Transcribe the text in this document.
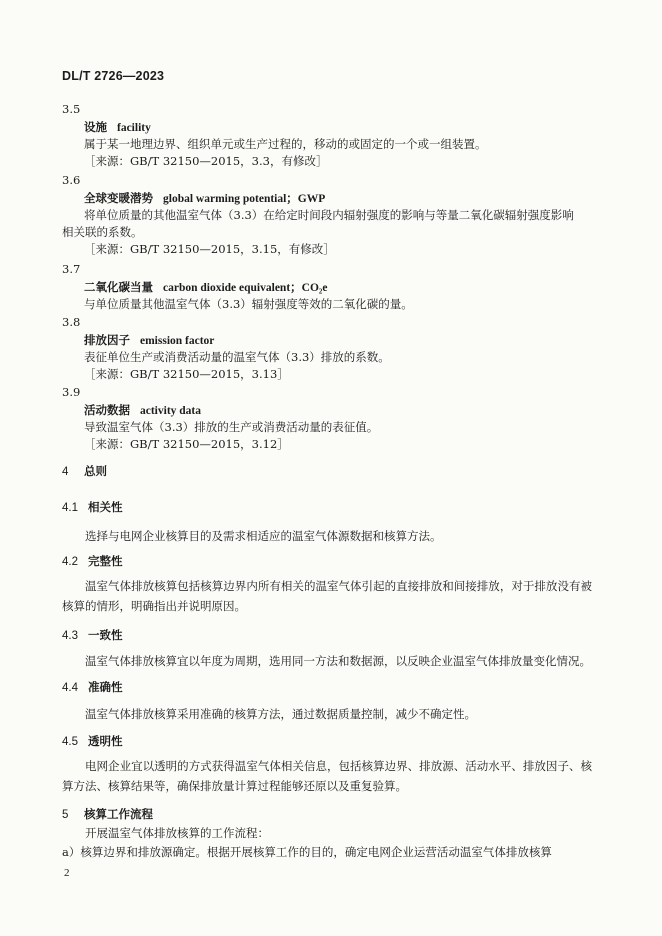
DL/T 2726—2023
3.5
设施 facility
属于某一地理边界、组织单元或生产过程的，移动的或固定的一个或一组装置。
［来源：GB/T 32150—2015，3.3，有修改］
3.6
全球变暖潜势 global warming potential；GWP
将单位质量的其他温室气体（3.3）在给定时间段内辐射强度的影响与等量二氧化碳辐射强度影响
相关联的系数。
［来源：GB/T 32150—2015，3.15，有修改］
3.7
二氧化碳当量 carbon dioxide equivalent；CO₂e
与单位质量其他温室气体（3.3）辐射强度等效的二氧化碳的量。
3.8
排放因子 emission factor
表征单位生产或消费活动量的温室气体（3.3）排放的系数。
［来源：GB/T 32150—2015，3.13］
3.9
活动数据 activity data
导致温室气体（3.3）排放的生产或消费活动量的表征值。
［来源：GB/T 32150—2015，3.12］
4 总则
4.1 相关性
选择与电网企业核算目的及需求相适应的温室气体源数据和核算方法。
4.2 完整性
温室气体排放核算包括核算边界内所有相关的温室气体引起的直接排放和间接排放，对于排放没有被核算的情形，明确指出并说明原因。
4.3 一致性
温室气体排放核算宜以年度为周期，选用同一方法和数据源，以反映企业温室气体排放量变化情况。
4.4 准确性
温室气体排放核算采用准确的核算方法，通过数据质量控制，减少不确定性。
4.5 透明性
电网企业宜以透明的方式获得温室气体相关信息，包括核算边界、排放源、活动水平、排放因子、核算方法、核算结果等，确保排放量计算过程能够还原以及重复验算。
5 核算工作流程
开展温室气体排放核算的工作流程：
a）核算边界和排放源确定。根据开展核算工作的目的，确定电网企业运营活动温室气体排放核算
2
